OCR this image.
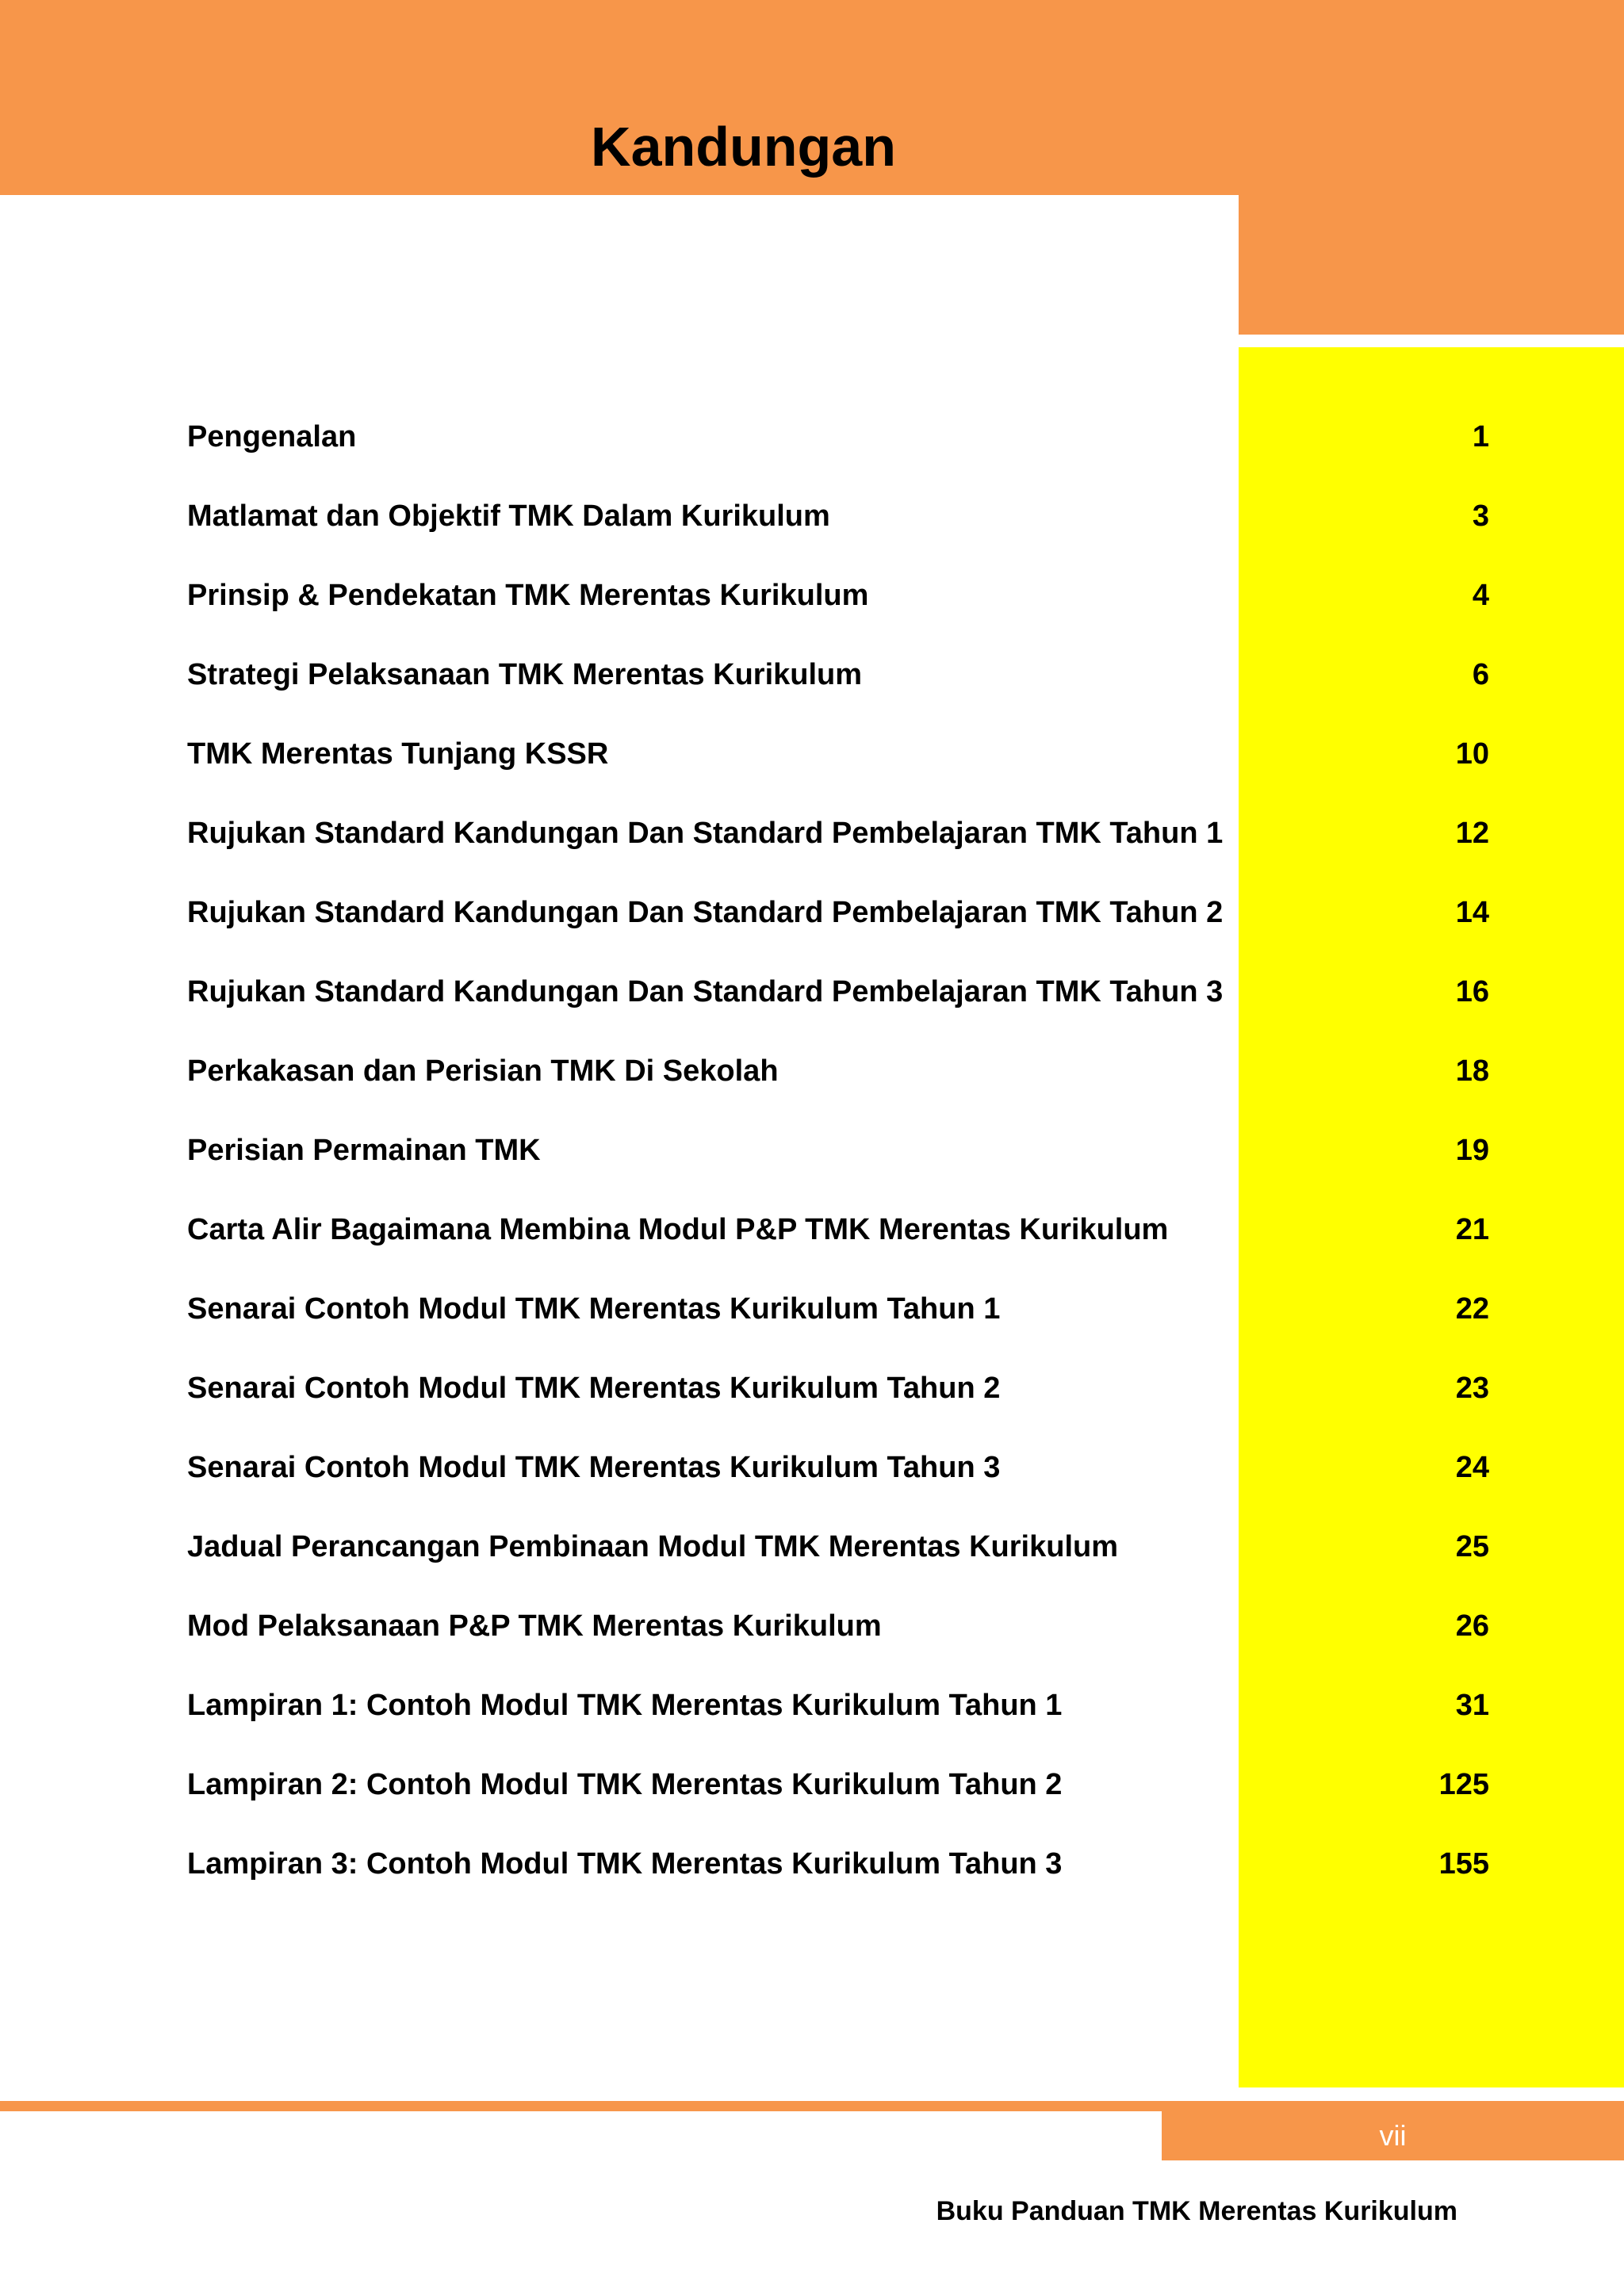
Kandungan
Pengenalan	1
Matlamat dan Objektif TMK Dalam Kurikulum	3
Prinsip & Pendekatan TMK Merentas Kurikulum	4
Strategi Pelaksanaan TMK Merentas Kurikulum	6
TMK Merentas Tunjang KSSR	10
Rujukan Standard Kandungan Dan Standard Pembelajaran TMK Tahun 1	12
Rujukan Standard Kandungan Dan Standard Pembelajaran TMK Tahun 2	14
Rujukan Standard Kandungan Dan Standard Pembelajaran TMK Tahun 3	16
Perkakasan dan Perisian TMK Di Sekolah	18
Perisian Permainan TMK	19
Carta Alir Bagaimana Membina Modul P&P TMK Merentas Kurikulum	21
Senarai Contoh Modul TMK Merentas Kurikulum Tahun 1	22
Senarai Contoh Modul TMK Merentas Kurikulum Tahun 2	23
Senarai Contoh Modul TMK Merentas Kurikulum Tahun 3	24
Jadual Perancangan Pembinaan Modul TMK Merentas Kurikulum	25
Mod Pelaksanaan P&P TMK Merentas Kurikulum	26
Lampiran 1: Contoh Modul TMK Merentas Kurikulum Tahun 1	31
Lampiran 2: Contoh Modul TMK Merentas Kurikulum Tahun 2	125
Lampiran 3: Contoh Modul TMK Merentas Kurikulum Tahun 3	155
vii
Buku Panduan TMK Merentas Kurikulum
